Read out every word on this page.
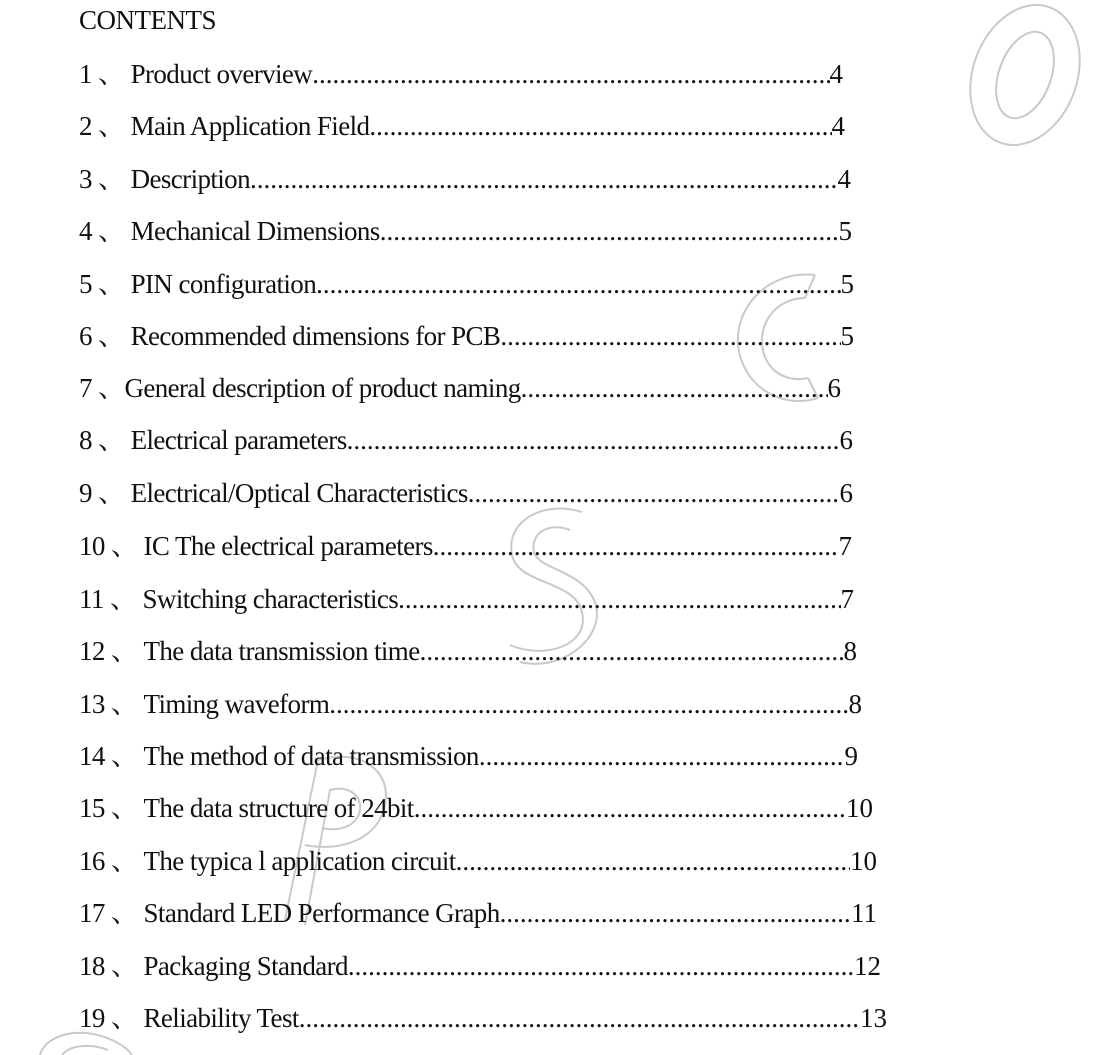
CONTENTS
1 、 Product overview .....	4
2 、 Main Application Field .....	4
3 、 Description .....	4
4 、 Mechanical Dimensions .....	5
5 、 PIN configuration .....	5
6 、 Recommended dimensions for PCB .....	5
7 、General description of product naming .....	6
8 、 Electrical parameters .....	6
9 、 Electrical/Optical Characteristics .....	6
10 、 IC The electrical parameters .....	7
11 、 Switching characteristics .....	7
12 、 The data transmission time .....	8
13 、 Timing waveform .....	8
14 、 The method of data transmission .....	9
15 、 The data structure of 24bit .....	10
16 、 The typica l application circuit .....	10
17 、 Standard LED Performance Graph .....	11
18 、 Packaging Standard .....	12
19 、 Reliability Test .....	13
